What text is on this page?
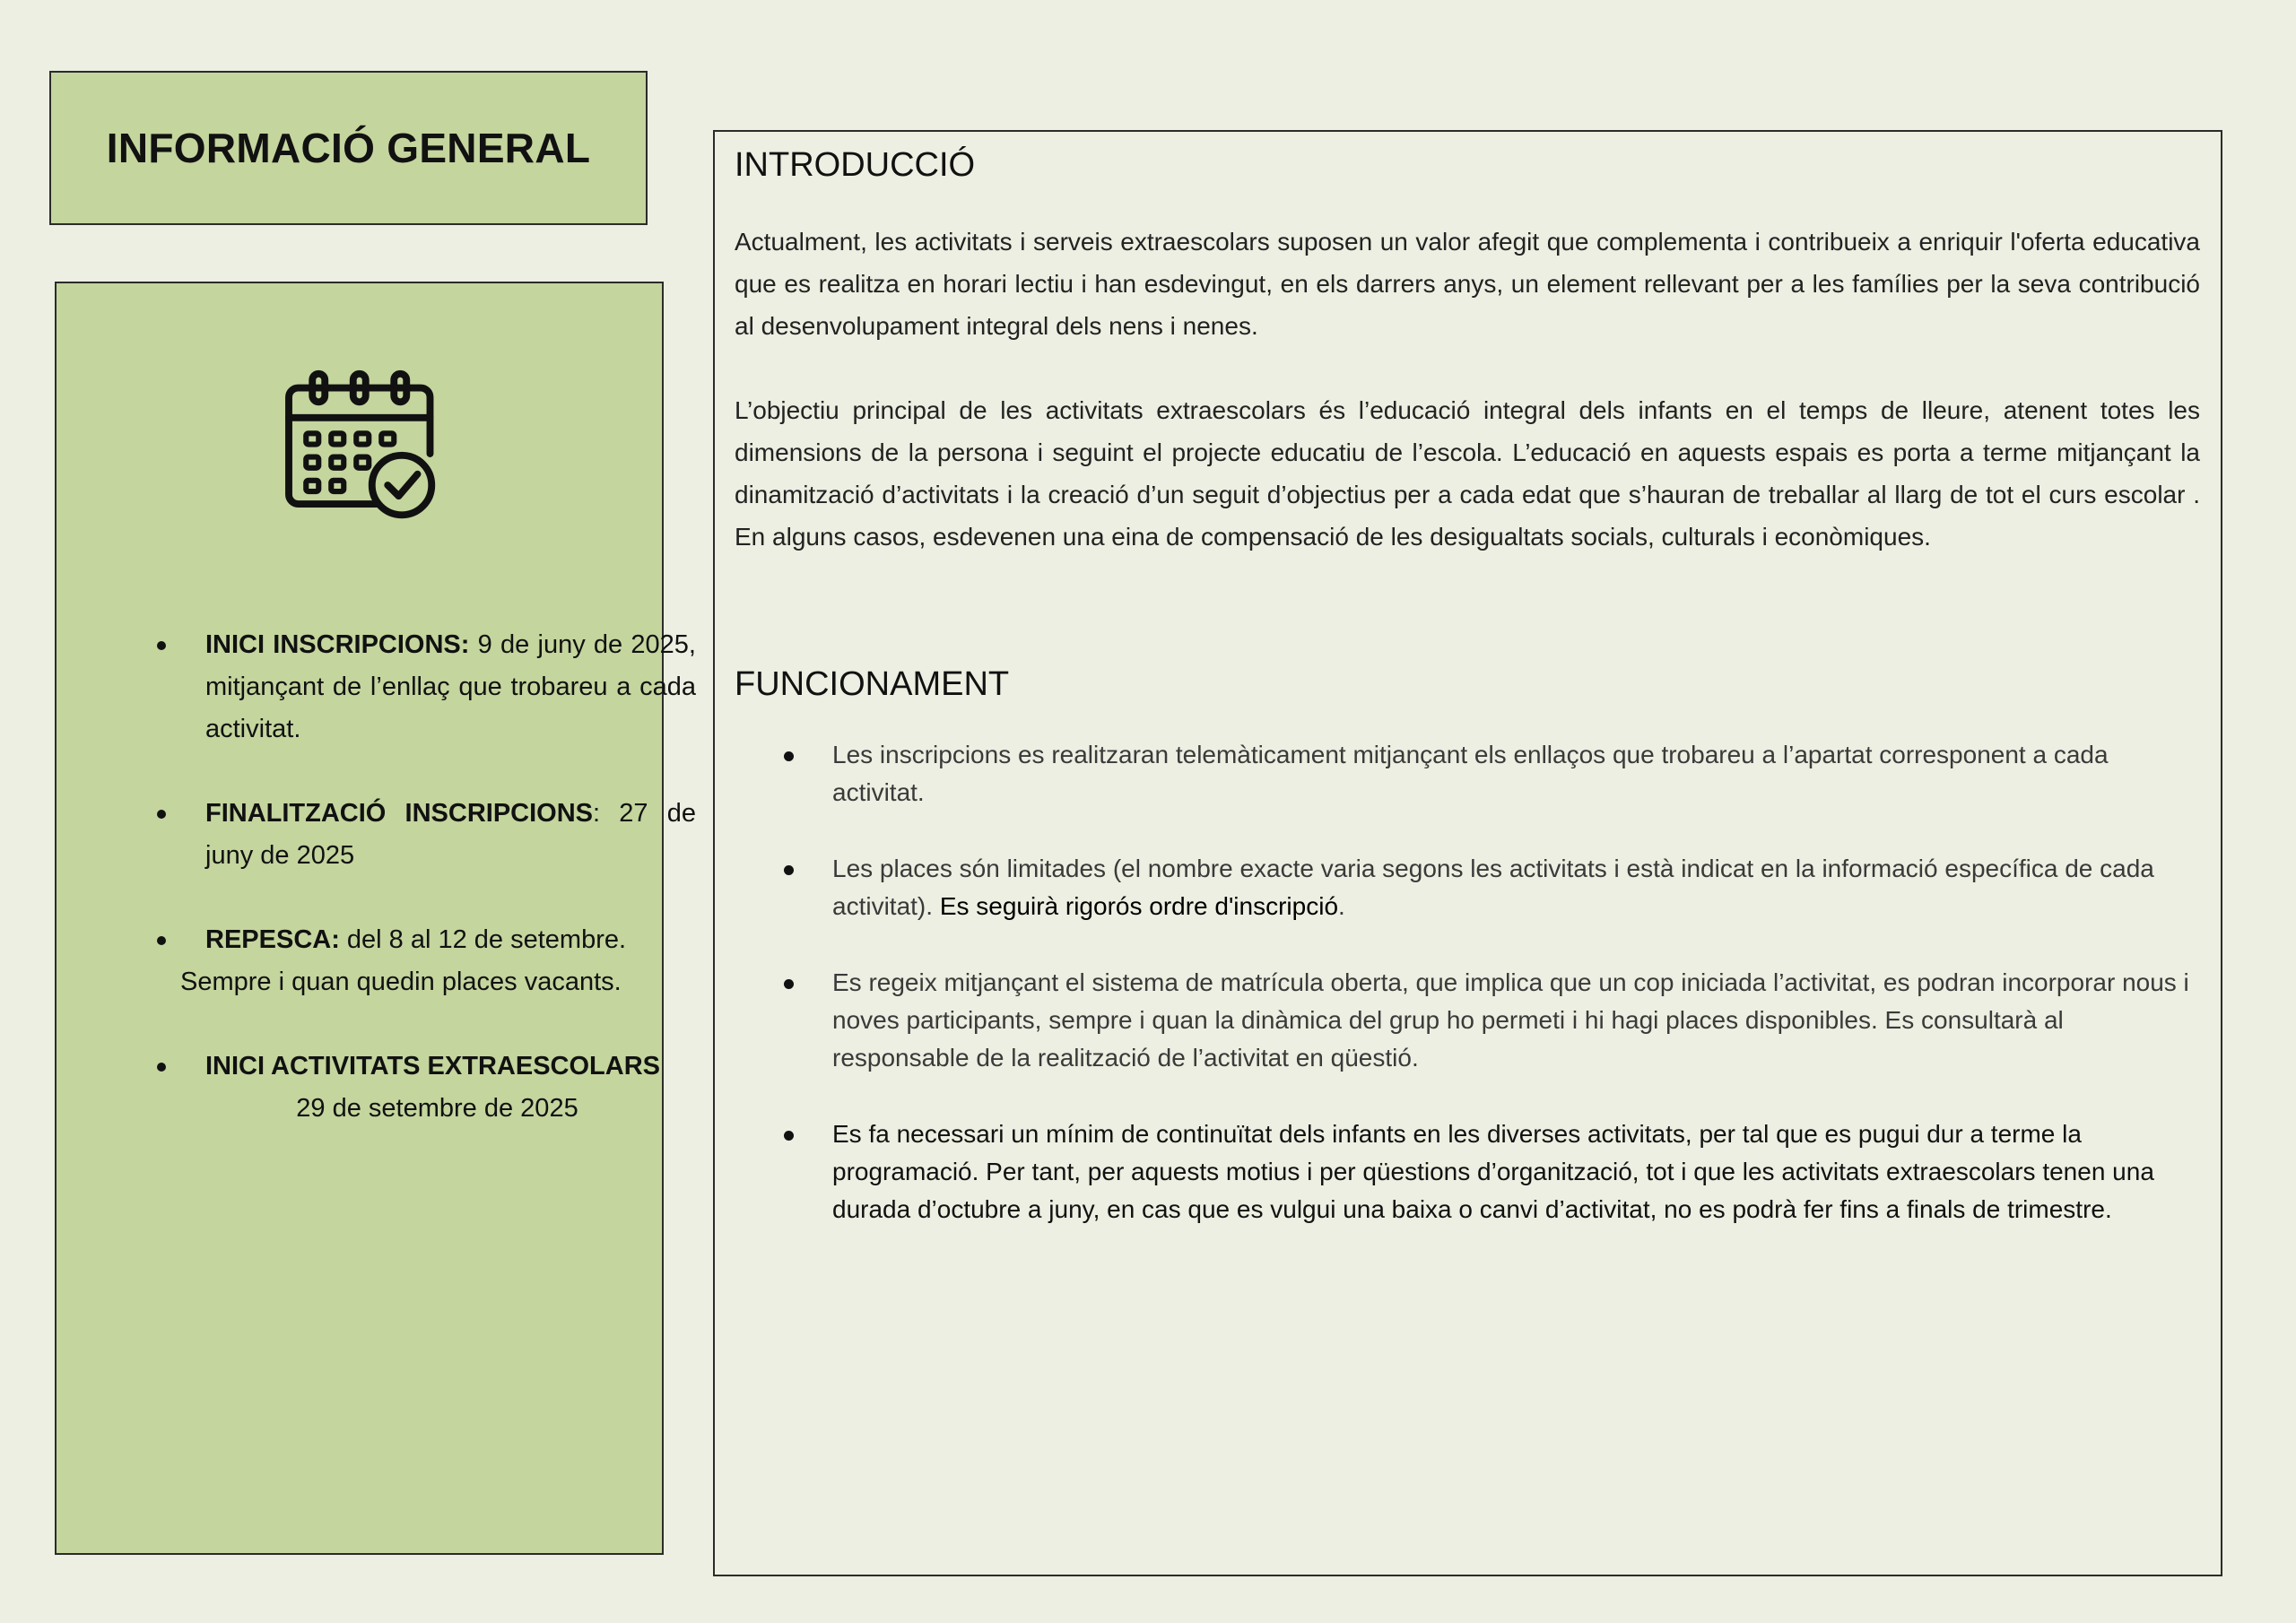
INFORMACIÓ GENERAL
INICI INSCRIPCIONS: 9 de juny de 2025, mitjançant de l’enllaç que trobareu a cada activitat.
FINALITZACIÓ INSCRIPCIONS: 27 de juny de 2025
REPESCA: del 8 al 12 de setembre.
Sempre i quan quedin places vacants.
INICI ACTIVITATS EXTRAESCOLARS
29 de setembre de 2025
INTRODUCCIÓ

Actualment, les activitats i serveis extraescolars suposen un valor afegit que complementa i contribueix a enriquir l'oferta educativa que es realitza en horari lectiu i han esdevingut, en els darrers anys, un element rellevant per a les famílies per la seva contribució al desenvolupament integral dels nens i nenes.

L’objectiu principal de les activitats extraescolars és l’educació integral dels infants en el temps de lleure, atenent totes les dimensions de la persona i seguint el projecte educatiu de l’escola. L’educació en aquests espais es porta a terme mitjançant la dinamització d’activitats i la creació d’un seguit d’objectius per a cada edat que s’hauran de treballar al llarg de tot el curs escolar . En alguns casos, esdevenen una eina de compensació de les desigualtats socials, culturals i econòmiques.

FUNCIONAMENT
Les inscripcions es realitzaran telemàticament mitjançant els enllaços que trobareu a l’apartat corresponent a cada activitat.
Les places són limitades (el nombre exacte varia segons les activitats i està indicat en la informació específica de cada activitat). Es seguirà rigorós ordre d'inscripció.
Es regeix mitjançant el sistema de matrícula oberta, que implica que un cop iniciada l’activitat, es podran incorporar nous i noves participants, sempre i quan la dinàmica del grup ho permeti i hi hagi places disponibles. Es consultarà al responsable de la realització de l’activitat en qüestió.
Es fa necessari un mínim de continuïtat dels infants en les diverses activitats, per tal que es pugui dur a terme la programació. Per tant, per aquests motius i per qüestions d’organització, tot i que les activitats extraescolars tenen una durada d’octubre a juny, en cas que es vulgui una baixa o canvi d’activitat, no es podrà fer fins a finals de trimestre.
